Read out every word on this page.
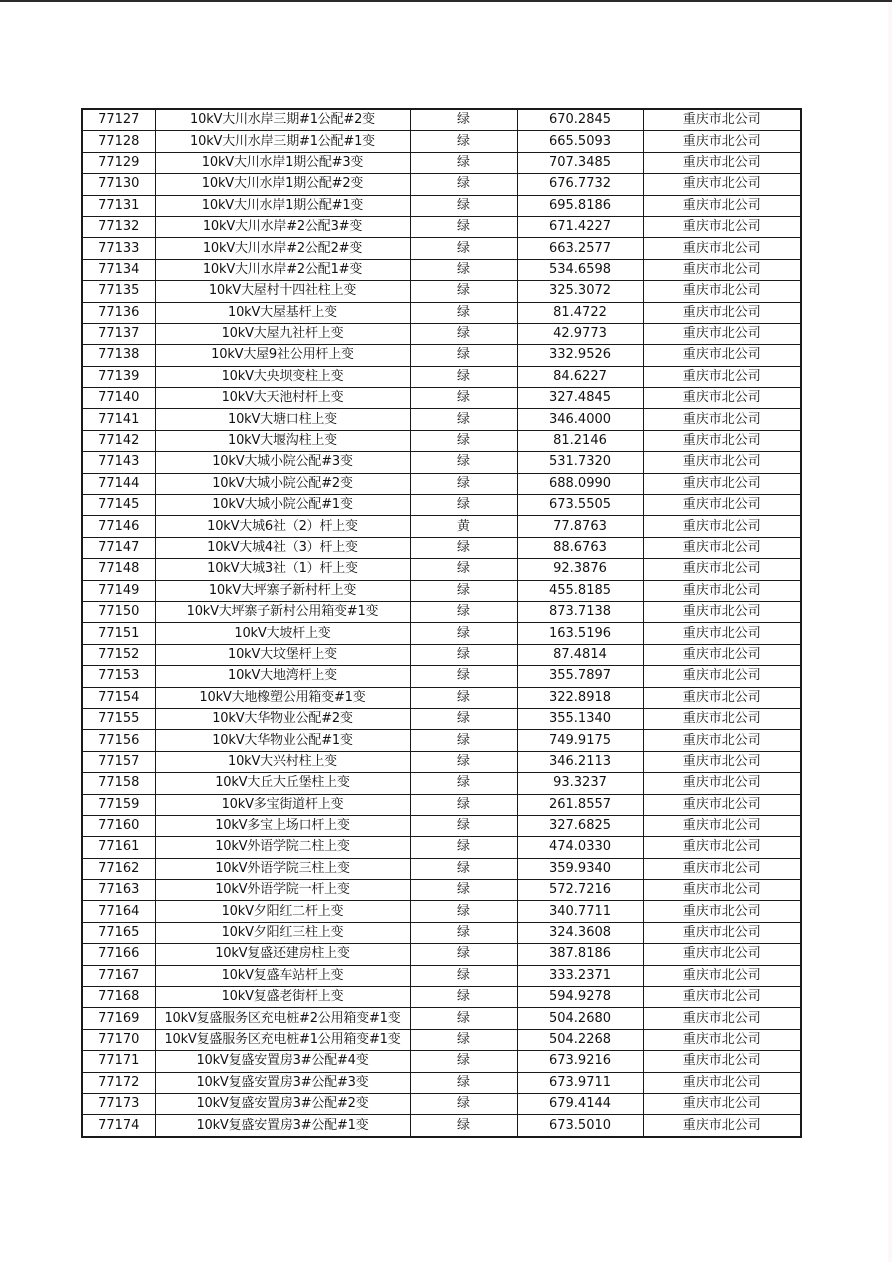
77127	10kV大川水岸三期#1公配#2变	绿	670.2845	重庆市北公司
77128	10kV大川水岸三期#1公配#1变	绿	665.5093	重庆市北公司
77129	10kV大川水岸1期公配#3变	绿	707.3485	重庆市北公司
77130	10kV大川水岸1期公配#2变	绿	676.7732	重庆市北公司
77131	10kV大川水岸1期公配#1变	绿	695.8186	重庆市北公司
77132	10kV大川水岸#2公配3#变	绿	671.4227	重庆市北公司
77133	10kV大川水岸#2公配2#变	绿	663.2577	重庆市北公司
77134	10kV大川水岸#2公配1#变	绿	534.6598	重庆市北公司
77135	10kV大屋村十四社柱上变	绿	325.3072	重庆市北公司
77136	10kV大屋基杆上变	绿	81.4722	重庆市北公司
77137	10kV大屋九社杆上变	绿	42.9773	重庆市北公司
77138	10kV大屋9社公用杆上变	绿	332.9526	重庆市北公司
77139	10kV大央坝变柱上变	绿	84.6227	重庆市北公司
77140	10kV大天池村杆上变	绿	327.4845	重庆市北公司
77141	10kV大塘口柱上变	绿	346.4000	重庆市北公司
77142	10kV大堰沟柱上变	绿	81.2146	重庆市北公司
77143	10kV大城小院公配#3变	绿	531.7320	重庆市北公司
77144	10kV大城小院公配#2变	绿	688.0990	重庆市北公司
77145	10kV大城小院公配#1变	绿	673.5505	重庆市北公司
77146	10kV大城6社（2）杆上变	黄	77.8763	重庆市北公司
77147	10kV大城4社（3）杆上变	绿	88.6763	重庆市北公司
77148	10kV大城3社（1）杆上变	绿	92.3876	重庆市北公司
77149	10kV大坪寨子新村杆上变	绿	455.8185	重庆市北公司
77150	10kV大坪寨子新村公用箱变#1变	绿	873.7138	重庆市北公司
77151	10kV大坡杆上变	绿	163.5196	重庆市北公司
77152	10kV大坟堡杆上变	绿	87.4814	重庆市北公司
77153	10kV大地湾杆上变	绿	355.7897	重庆市北公司
77154	10kV大地橡塑公用箱变#1变	绿	322.8918	重庆市北公司
77155	10kV大华物业公配#2变	绿	355.1340	重庆市北公司
77156	10kV大华物业公配#1变	绿	749.9175	重庆市北公司
77157	10kV大兴村柱上变	绿	346.2113	重庆市北公司
77158	10kV大丘大丘堡柱上变	绿	93.3237	重庆市北公司
77159	10kV多宝街道杆上变	绿	261.8557	重庆市北公司
77160	10kV多宝上场口杆上变	绿	327.6825	重庆市北公司
77161	10kV外语学院二柱上变	绿	474.0330	重庆市北公司
77162	10kV外语学院三柱上变	绿	359.9340	重庆市北公司
77163	10kV外语学院一杆上变	绿	572.7216	重庆市北公司
77164	10kV夕阳红二杆上变	绿	340.7711	重庆市北公司
77165	10kV夕阳红三柱上变	绿	324.3608	重庆市北公司
77166	10kV复盛还建房柱上变	绿	387.8186	重庆市北公司
77167	10kV复盛车站杆上变	绿	333.2371	重庆市北公司
77168	10kV复盛老街杆上变	绿	594.9278	重庆市北公司
77169	10kV复盛服务区充电桩#2公用箱变#1变	绿	504.2680	重庆市北公司
77170	10kV复盛服务区充电桩#1公用箱变#1变	绿	504.2268	重庆市北公司
77171	10kV复盛安置房3#公配#4变	绿	673.9216	重庆市北公司
77172	10kV复盛安置房3#公配#3变	绿	673.9711	重庆市北公司
77173	10kV复盛安置房3#公配#2变	绿	679.4144	重庆市北公司
77174	10kV复盛安置房3#公配#1变	绿	673.5010	重庆市北公司
